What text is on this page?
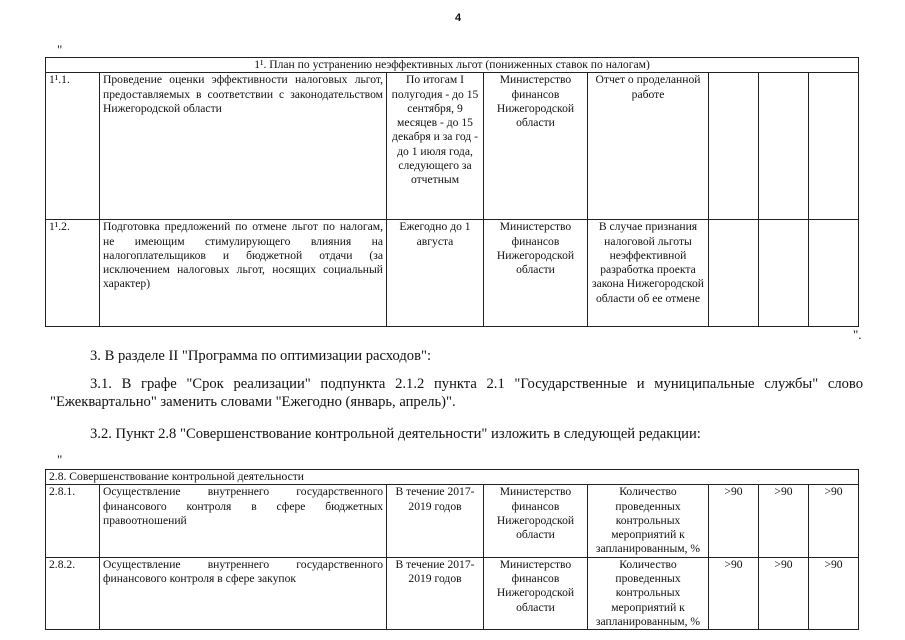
4
"
1¹. План по устранению неэффективных льгот (пониженных ставок по налогам)							
1¹.1.	Проведение оценки эффективности налоговых льгот, предоставляемых в соответствии с законодательством Нижегородской области	По итогам I полугодия - до 15 сентября, 9 месяцев - до 15 декабря и за год - до 1 июля года, следующего за отчетным	Министерство финансов Нижегородской области	Отчет о проделанной работе			
1¹.2.	Подготовка предложений по отмене льгот по налогам, не имеющим стимулирующего влияния на налогоплательщиков и бюджетной отдачи (за исключением налоговых льгот, носящих социальный характер)	Ежегодно до 1 августа	Министерство финансов Нижегородской области	В случае признания налоговой льготы неэффективной разработка проекта закона Нижегородской области об ее отмене			
".
3. В разделе II "Программа по оптимизации расходов":
3.1. В графе "Срок реализации" подпункта 2.1.2 пункта 2.1 "Государственные и муниципальные службы" слово "Ежеквартально" заменить словами "Ежегодно (январь, апрель)".
3.2. Пункт 2.8 "Совершенствование контрольной деятельности" изложить в следующей редакции:
"
2.8. Совершенствование контрольной деятельности							
2.8.1.	Осуществление внутреннего государственного финансового контроля в сфере бюджетных правоотношений	В течение 2017-2019 годов	Министерство финансов Нижегородской области	Количество проведенных контрольных мероприятий к запланированным, %	>90	>90	>90
2.8.2.	Осуществление внутреннего государственного финансового контроля в сфере закупок	В течение 2017-2019 годов	Министерство финансов Нижегородской области	Количество проведенных контрольных мероприятий к запланированным, %	>90	>90	>90
